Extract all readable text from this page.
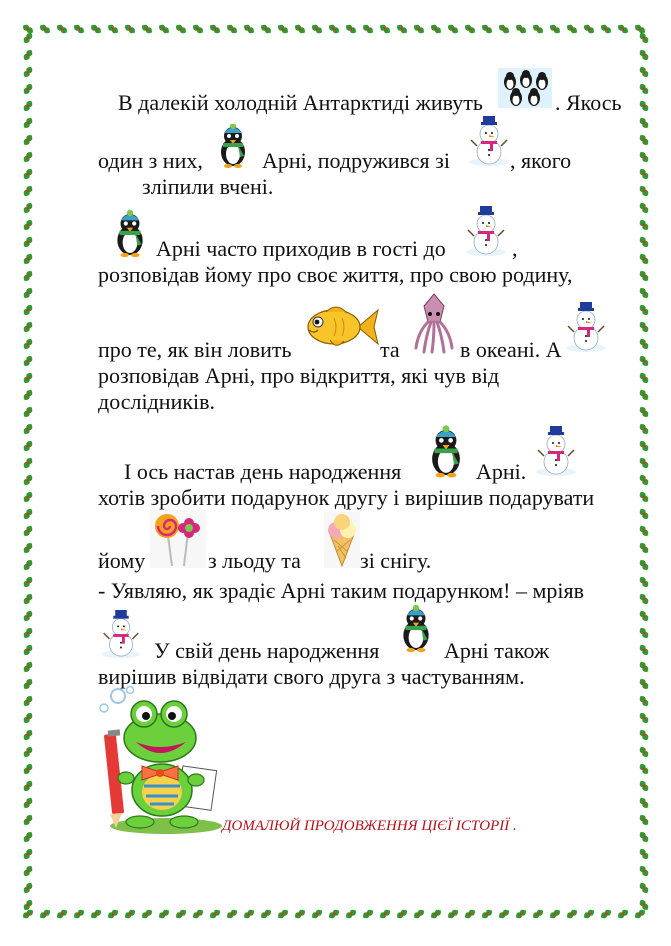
В далекій холодній Антарктиді живуть	. Якось
один з них,	Арні, подружився зі	, якого
зліпили вчені.
Арні часто приходив в гості до	,
розповідав йому про своє життя, про свою родину,
про те, як він ловить	та	в океані. А
розповідав Арні, про відкриття, які чув від
дослідників.
І ось настав день народження	Арні.
хотів зробити подарунок другу і вирішив подарувати
йому	з льоду та	зі снігу.
- Уявляю, як зрадіє Арні таким подарунком! – мріяв
У свій день народження	Арні також
вирішив відвідати свого друга з частуванням.
ДОМАЛЮЙ ПРОДОВЖЕННЯ ЦІЄЇ ІСТОРІЇ .
